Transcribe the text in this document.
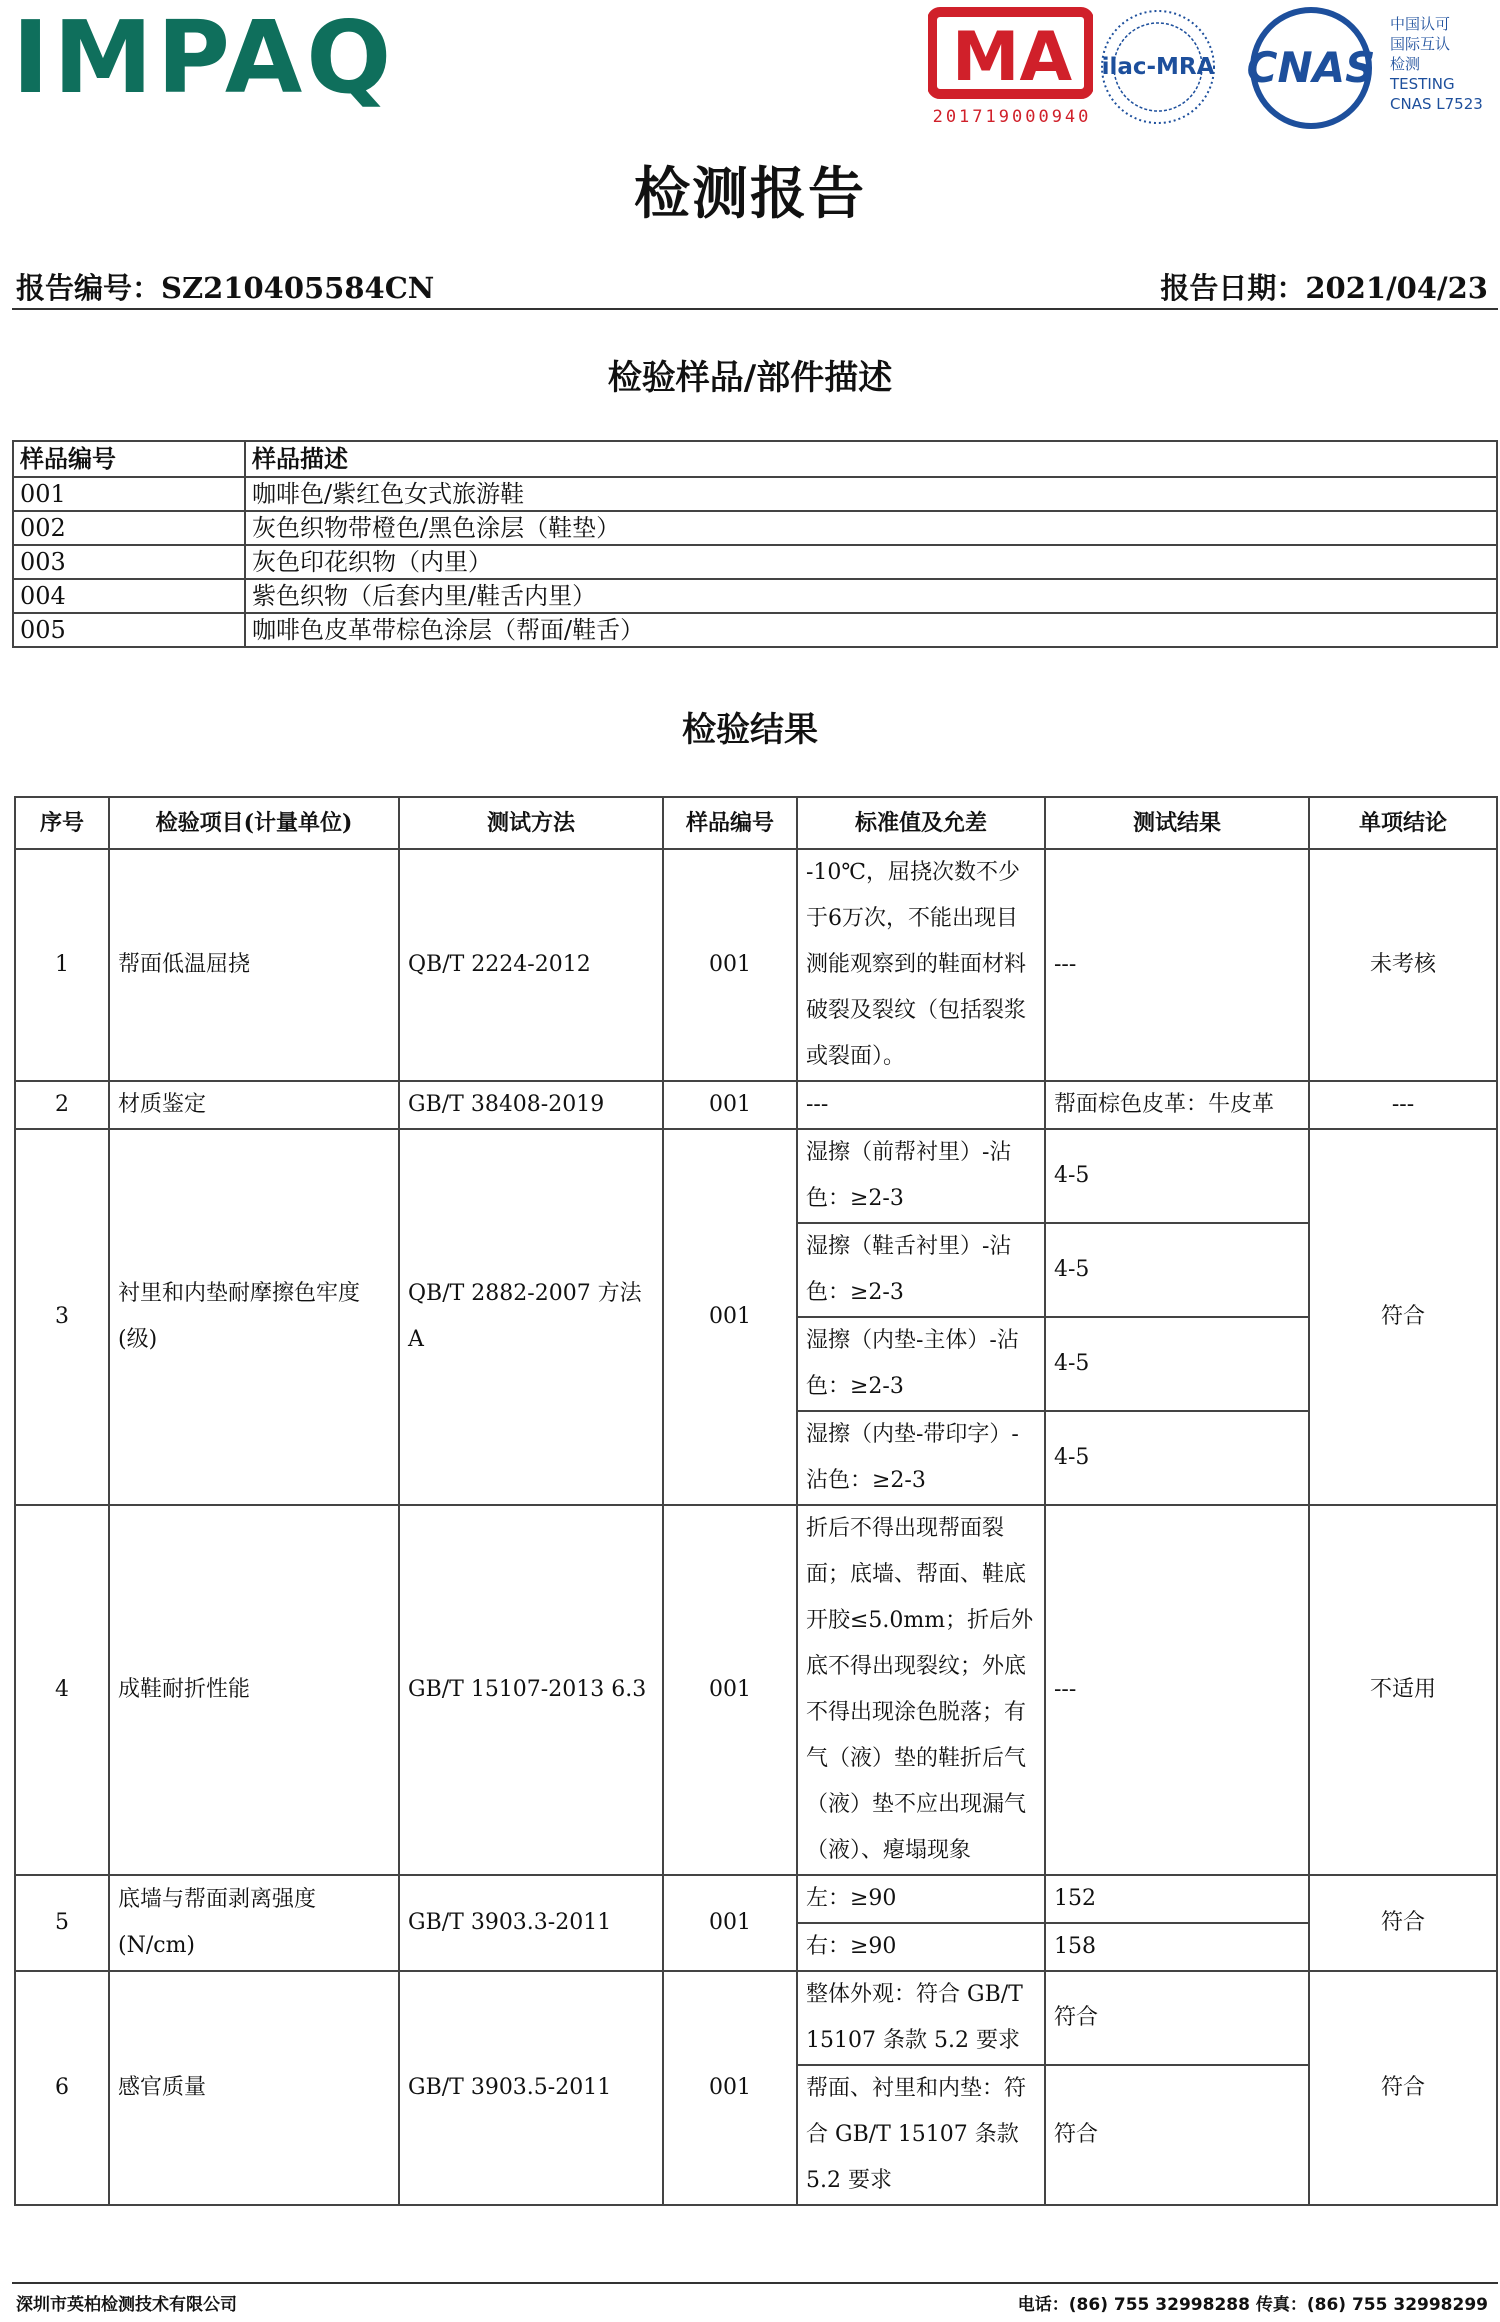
IMPAQ	MA
201719000940
ilac-MRA CNAS
中国认可
国际互认
检测
TESTING
CNAS L7523
检测报告
报告编号：SZ210405584CN	报告日期：2021/04/23
检验样品/部件描述
样品编号	样品描述
001	咖啡色/紫红色女式旅游鞋
002	灰色织物带橙色/黑色涂层（鞋垫）
003	灰色印花织物（内里）
004	紫色织物（后套内里/鞋舌内里）
005	咖啡色皮革带棕色涂层（帮面/鞋舌）
检验结果
序号	检验项目(计量单位)	测试方法	样品编号	标准值及允差	测试结果	单项结论
1	帮面低温屈挠	QB/T 2224-2012	001	-10℃，屈挠次数不少于6万次，不能出现目测能观察到的鞋面材料破裂及裂纹（包括裂浆或裂面）。	---	未考核
2	材质鉴定	GB/T 38408-2019	001	---	帮面棕色皮革：牛皮革	---
3	衬里和内垫耐摩擦色牢度(级)	QB/T 2882-2007 方法 A	001	湿擦（前帮衬里）-沾色：≥2-3	4-5	符合
				湿擦（鞋舌衬里）-沾色：≥2-3	4-5	
				湿擦（内垫-主体）-沾色：≥2-3	4-5	
				湿擦（内垫-带印字）-沾色：≥2-3	4-5	
4	成鞋耐折性能	GB/T 15107-2013 6.3	001	折后不得出现帮面裂面；底墙、帮面、鞋底开胶≤5.0mm；折后外底不得出现裂纹；外底不得出现涂色脱落；有气（液）垫的鞋折后气（液）垫不应出现漏气（液）、瘪塌现象	---	不适用
5	底墙与帮面剥离强度(N/cm)	GB/T 3903.3-2011	001	左：≥90	152	符合
				右：≥90	158	
6	感官质量	GB/T 3903.5-2011	001	整体外观：符合 GB/T 15107 条款 5.2 要求	符合	符合
				帮面、衬里和内垫：符合 GB/T 15107 条款 5.2 要求	符合	
深圳市英柏检测技术有限公司	电话：(86) 755 32998288 传真：(86) 755 32998299
